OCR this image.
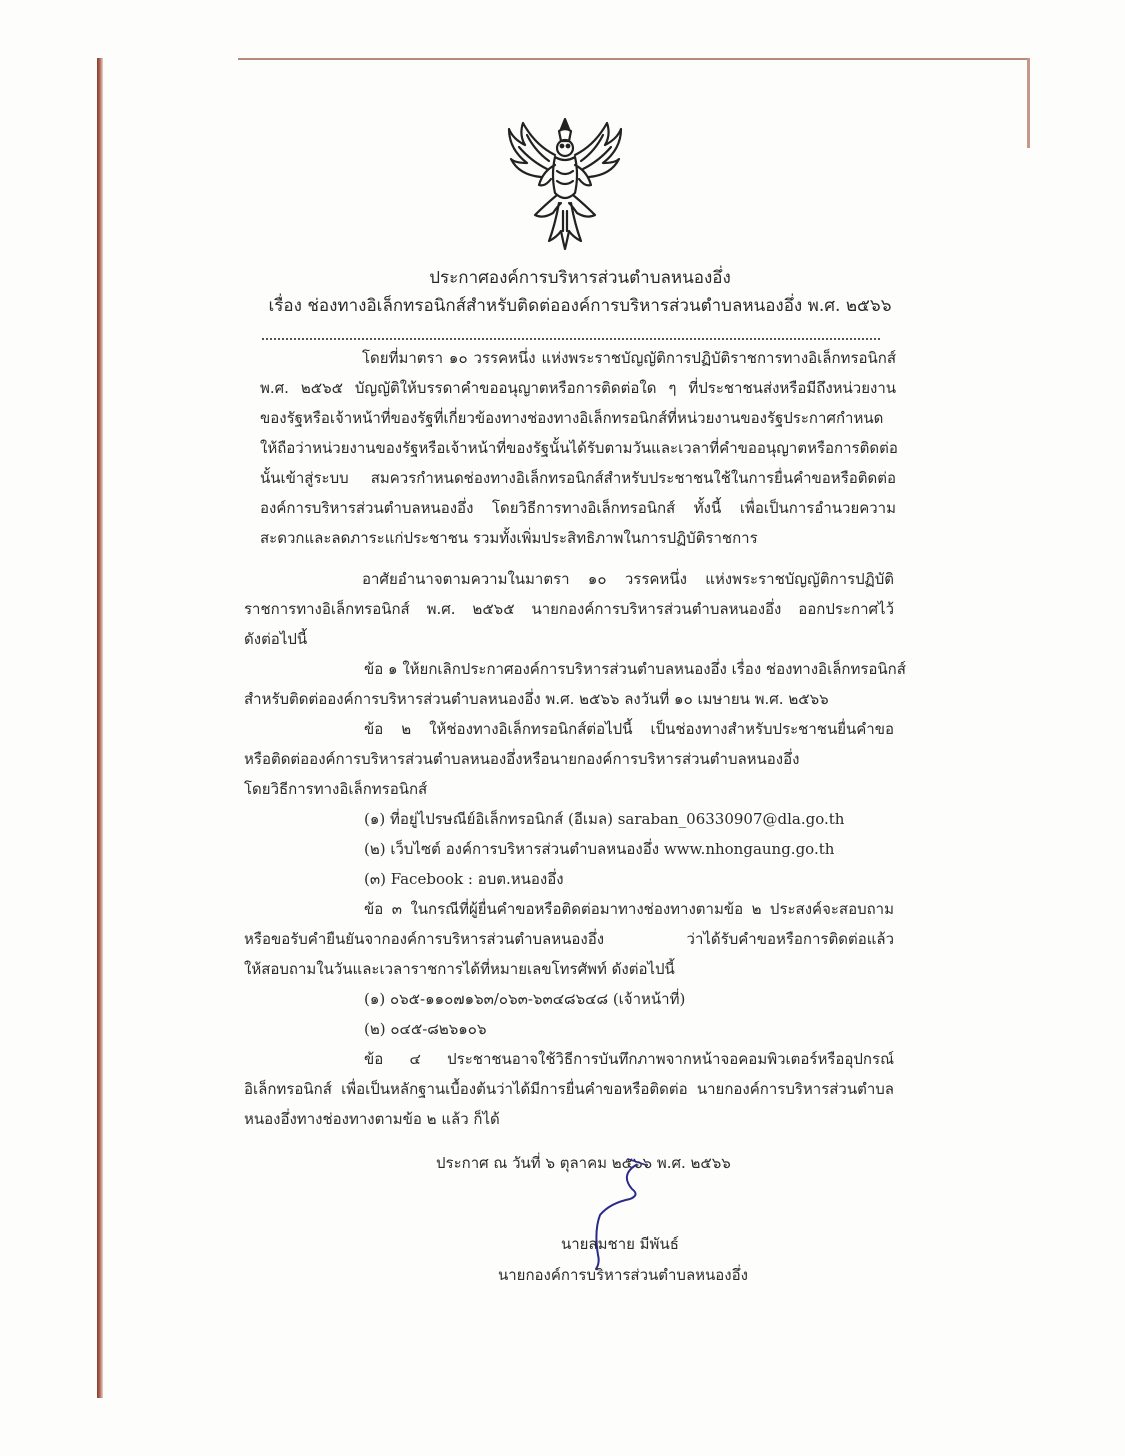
ประกาศองค์การบริหารส่วนตำบลหนองอึ่ง
เรื่อง ช่องทางอิเล็กทรอนิกส์สำหรับติดต่อองค์การบริหารส่วนตำบลหนองอึ่ง พ.ศ. ๒๕๖๖
โดยที่มาตรา ๑๐ วรรคหนึ่ง แห่งพระราชบัญญัติการปฏิบัติราชการทางอิเล็กทรอนิกส์
พ.ศ. ๒๕๖๕ บัญญัติให้บรรดาคำขออนุญาตหรือการติดต่อใด ๆ ที่ประชาชนส่งหรือมีถึงหน่วยงาน
ของรัฐหรือเจ้าหน้าที่ของรัฐที่เกี่ยวข้องทางช่องทางอิเล็กทรอนิกส์ที่หน่วยงานของรัฐประกาศกำหนด
ให้ถือว่าหน่วยงานของรัฐหรือเจ้าหน้าที่ของรัฐนั้นได้รับตามวันและเวลาที่คำขออนุญาตหรือการติดต่อ
นั้นเข้าสู่ระบบ สมควรกำหนดช่องทางอิเล็กทรอนิกส์สำหรับประชาชนใช้ในการยื่นคำขอหรือติดต่อ
องค์การบริหารส่วนตำบลหนองอึ่ง โดยวิธีการทางอิเล็กทรอนิกส์ ทั้งนี้ เพื่อเป็นการอำนวยความ
สะดวกและลดภาระแก่ประชาชน รวมทั้งเพิ่มประสิทธิภาพในการปฏิบัติราชการ
อาศัยอำนาจตามความในมาตรา ๑๐ วรรคหนึ่ง แห่งพระราชบัญญัติการปฏิบัติ
ราชการทางอิเล็กทรอนิกส์ พ.ศ. ๒๕๖๕ นายกองค์การบริหารส่วนตำบลหนองอึ่ง ออกประกาศไว้
ดังต่อไปนี้
ข้อ ๑ ให้ยกเลิกประกาศองค์การบริหารส่วนตำบลหนองอึ่ง เรื่อง ช่องทางอิเล็กทรอนิกส์
สำหรับติดต่อองค์การบริหารส่วนตำบลหนองอึ่ง พ.ศ. ๒๕๖๖ ลงวันที่ ๑๐ เมษายน พ.ศ. ๒๕๖๖
ข้อ ๒ ให้ช่องทางอิเล็กทรอนิกส์ต่อไปนี้ เป็นช่องทางสำหรับประชาชนยื่นคำขอ
หรือติดต่อองค์การบริหารส่วนตำบลหนองอึ่งหรือนายกองค์การบริหารส่วนตำบลหนองอึ่ง
โดยวิธีการทางอิเล็กทรอนิกส์
(๑) ที่อยู่ไปรษณีย์อิเล็กทรอนิกส์ (อีเมล) saraban_06330907@dla.go.th
(๒) เว็บไซต์ องค์การบริหารส่วนตำบลหนองอึ่ง www.nhongaung.go.th
(๓) Facebook : อบต.หนองอึ่ง
ข้อ ๓ ในกรณีที่ผู้ยื่นคำขอหรือติดต่อมาทางช่องทางตามข้อ ๒ ประสงค์จะสอบถาม
หรือขอรับคำยืนยันจากองค์การบริหารส่วนตำบลหนองอึ่ง ว่าได้รับคำขอหรือการติดต่อแล้ว
ให้สอบถามในวันและเวลาราชการได้ที่หมายเลขโทรศัพท์ ดังต่อไปนี้
(๑) ๐๖๕-๑๑๐๗๑๖๓/๐๖๓-๖๓๔๘๖๔๘ (เจ้าหน้าที่)
(๒) ๐๔๕-๘๒๖๑๐๖
ข้อ ๔ ประชาชนอาจใช้วิธีการบันทึกภาพจากหน้าจอคอมพิวเตอร์หรืออุปกรณ์
อิเล็กทรอนิกส์ เพื่อเป็นหลักฐานเบื้องต้นว่าได้มีการยื่นคำขอหรือติดต่อ นายกองค์การบริหารส่วนตำบล
หนองอึ่งทางช่องทางตามข้อ ๒ แล้ว ก็ได้
ประกาศ ณ วันที่ ๖ ตุลาคม ๒๕๖๖ พ.ศ. ๒๕๖๖
นายสมชาย มีพันธ์
นายกองค์การบริหารส่วนตำบลหนองอึ่ง
